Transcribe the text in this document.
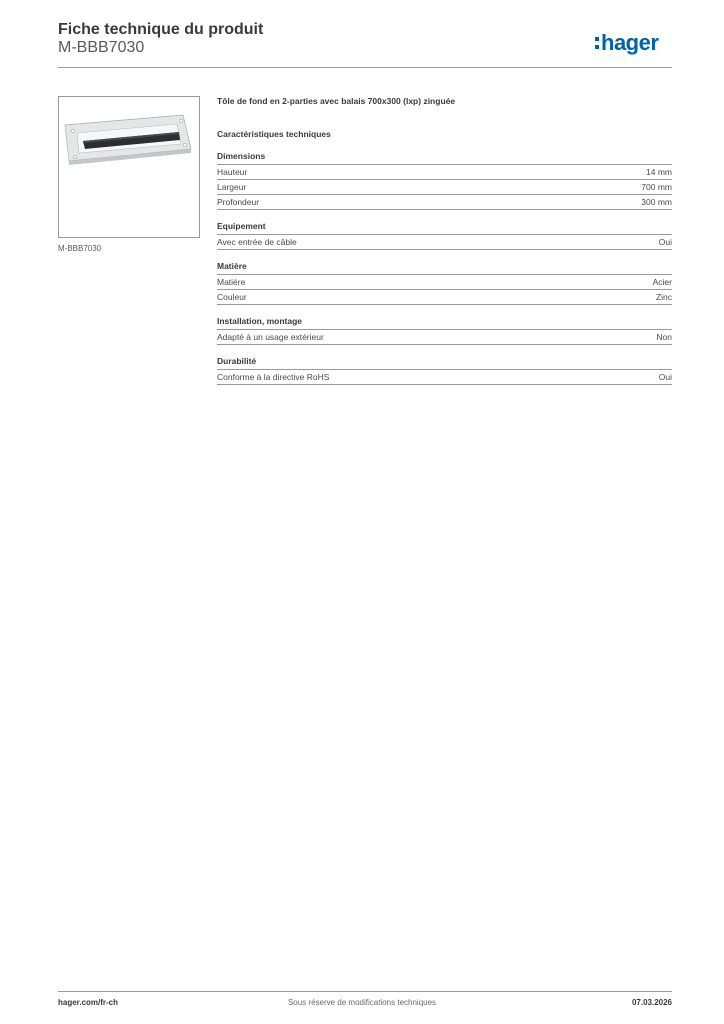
Fiche technique du produit
M-BBB7030	hager
M-BBB7030

Tôle de fond en 2-parties avec balais 700x300 (lxp) zinguée

Caractéristiques techniques
Dimensions
Hauteur	14 mm
Largeur	700 mm
Profondeur	300 mm
Equipement
Avec entrée de câble	Oui
Matière
Matière	Acier
Couleur	Zinc
Installation, montage
Adapté à un usage extérieur	Non
Durabilité
Conforme à la directive RoHS	Oui
hager.com/fr-ch	Sous réserve de modifications techniques	07.03.2026
